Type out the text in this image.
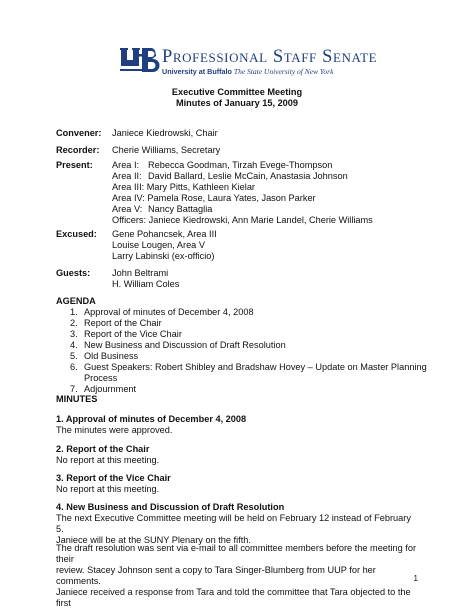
Professional Staff Senate
University at Buffalo The State University of New York
Executive Committee Meeting
Minutes of January 15, 2009
Convener: Janiece Kiedrowski, Chair
Recorder: Cherie Williams, Secretary
Present: Area I: Rebecca Goodman, Tirzah Evege-Thompson
Area II: David Ballard, Leslie McCain, Anastasia Johnson
Area III: Mary Pitts, Kathleen Kielar
Area IV: Pamela Rose, Laura Yates, Jason Parker
Area V: Nancy Battaglia
Officers: Janiece Kiedrowski, Ann Marie Landel, Cherie Williams
Excused: Gene Pohancsek, Area III
Louise Lougen, Area V
Larry Labinski (ex-officio)
Guests: John Beltrami
H. William Coles
AGENDA
1. Approval of minutes of December 4, 2008
2. Report of the Chair
3. Report of the Vice Chair
4. New Business and Discussion of Draft Resolution
5. Old Business
6. Guest Speakers: Robert Shibley and Bradshaw Hovey – Update on Master Planning
Process
7. Adjournment
MINUTES
1. Approval of minutes of December 4, 2008
The minutes were approved.
2. Report of the Chair
No report at this meeting.
3. Report of the Vice Chair
No report at this meeting.
4. New Business and Discussion of Draft Resolution
The next Executive Committee meeting will be held on February 12 instead of February 5.
Janiece will be at the SUNY Plenary on the fifth.
The draft resolution was sent via e-mail to all committee members before the meeting for their
review. Stacey Johnson sent a copy to Tara Singer-Blumberg from UUP for her comments.
Janiece received a response from Tara and told the committee that Tara objected to the first
1
